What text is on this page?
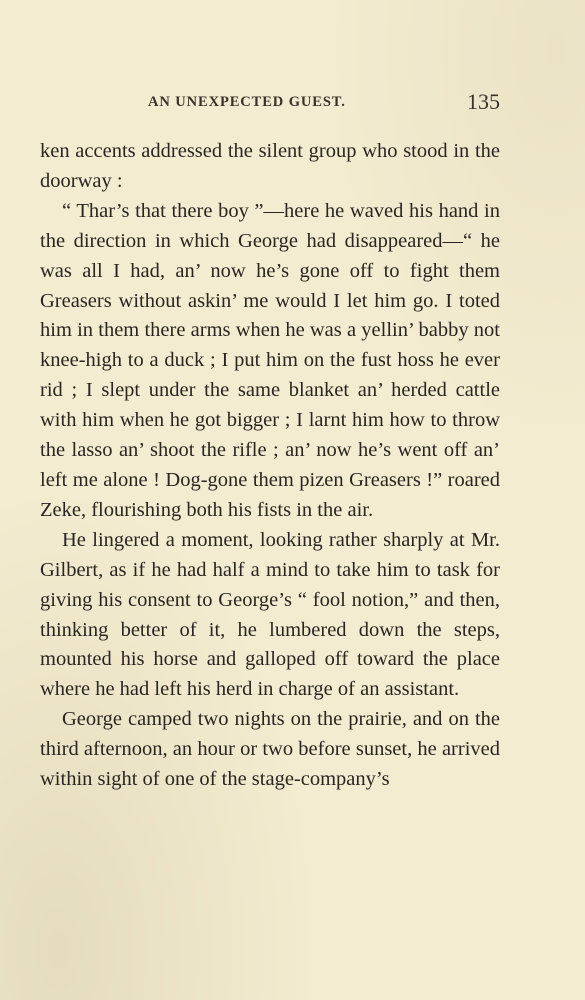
AN UNEXPECTED GUEST.	135

ken accents addressed the silent group who stood in the doorway :

“ Thar’s that there boy ”—here he waved his hand in the direction in which George had disappeared—“ he was all I had, an’ now he’s gone off to fight them Greasers without askin’ me would I let him go. I toted him in them there arms when he was a yellin’ babby not knee-high to a duck ; I put him on the fust hoss he ever rid ; I slept under the same blanket an’ herded cattle with him when he got bigger ; I larnt him how to throw the lasso an’ shoot the rifle ; an’ now he’s went off an’ left me alone ! Dog-gone them pizen Greasers !” roared Zeke, flourishing both his fists in the air.

He lingered a moment, looking rather sharply at Mr. Gilbert, as if he had half a mind to take him to task for giving his consent to George’s “ fool notion,” and then, thinking better of it, he lumbered down the steps, mounted his horse and galloped off toward the place where he had left his herd in charge of an assistant.

George camped two nights on the prairie, and on the third afternoon, an hour or two before sunset, he arrived within sight of one of the stage-company’s
